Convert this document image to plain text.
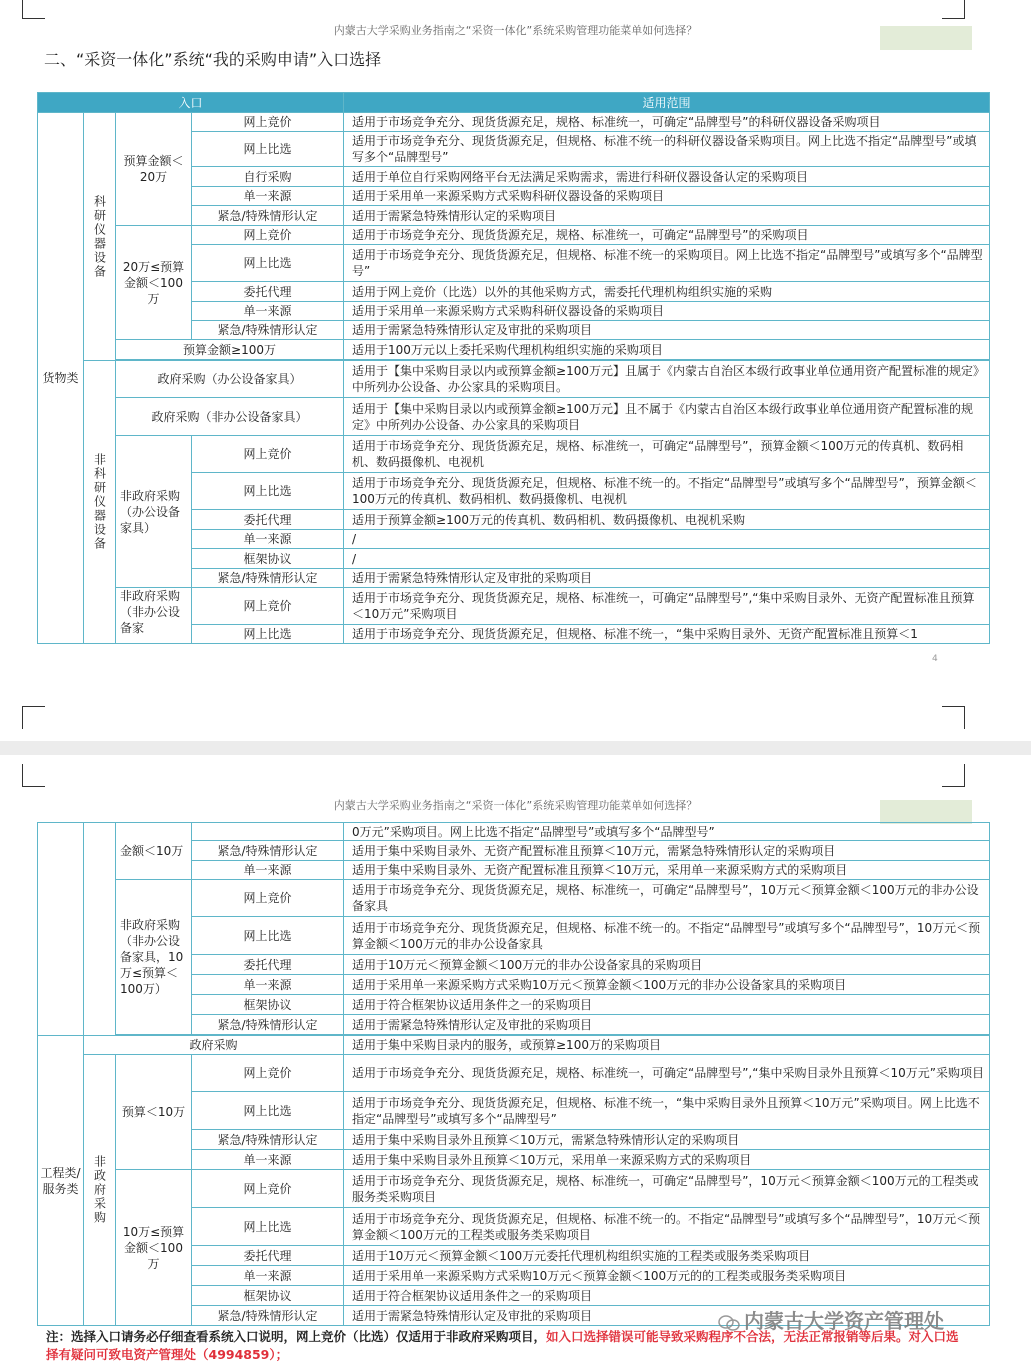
内蒙古大学采购业务指南之“采资一体化”系统采购管理功能菜单如何选择？
二、“采资一体化”系统“我的采购申请”入口选择
入口				适用范围
货物类	科研仪器设备	预算金额＜20万	网上竞价	适用于市场竞争充分、现货货源充足，规格、标准统一，可确定“品牌型号”的科研仪器设备采购项目
			网上比选	适用于市场竞争充分、现货货源充足，但规格、标准不统一的科研仪器设备采购项目。网上比选不指定“品牌型号”或填写多个“品牌型号”
			自行采购	适用于单位自行采购网络平台无法满足采购需求，需进行科研仪器设备认定的采购项目
			单一来源	适用于采用单一来源采购方式采购科研仪器设备的采购项目
			紧急/特殊情形认定	适用于需紧急特殊情形认定的采购项目
		20万≤预算金额＜100万	网上竞价	适用于市场竞争充分、现货货源充足，规格、标准统一，可确定“品牌型号”的采购项目
			网上比选	适用于市场竞争充分、现货货源充足，但规格、标准不统一的采购项目。网上比选不指定“品牌型号”或填写多个“品牌型号”
			委托代理	适用于网上竞价（比选）以外的其他采购方式，需委托代理机构组织实施的采购
			单一来源	适用于采用单一来源采购方式采购科研仪器设备的采购项目
			紧急/特殊情形认定	适用于需紧急特殊情形认定及审批的采购项目
		预算金额≥100万		适用于100万元以上委托采购代理机构组织实施的采购项目

	非科研仪器设备	政府采购（办公设备家具）		适用于【集中采购目录以内或预算金额≥100万元】且属于《内蒙古自治区本级行政事业单位通用资产配置标准的规定》中所列办公设备、办公家具的采购项目。
		政府采购（非办公设备家具）		适用于【集中采购目录以内或预算金额≥100万元】且不属于《内蒙古自治区本级行政事业单位通用资产配置标准的规定》中所列办公设备、办公家具的采购项目
		非政府采购（办公设备家具）	网上竞价	适用于市场竞争充分、现货货源充足，规格、标准统一，可确定“品牌型号”，预算金额＜100万元的传真机、数码相机、数码摄像机、电视机
			网上比选	适用于市场竞争充分、现货货源充足，但规格、标准不统一的。不指定“品牌型号”或填写多个“品牌型号”，预算金额＜100万元的传真机、数码相机、数码摄像机、电视机
			委托代理	适用于预算金额≥100万元的传真机、数码相机、数码摄像机、电视机采购
			单一来源	/
			框架协议	/
			紧急/特殊情形认定	适用于需紧急特殊情形认定及审批的采购项目
		非政府采购（非办公设备家	网上竞价	适用于市场竞争充分、现货货源充足，规格、标准统一，可确定“品牌型号”,“集中采购目录外、无资产配置标准且预算＜10万元”采购项目
			网上比选	适用于市场竞争充分、现货货源充足，但规格、标准不统一，“集中采购目录外、无资产配置标准且预算＜1
4
内蒙古大学采购业务指南之“采资一体化”系统采购管理功能菜单如何选择？
		金额＜10万		0万元”采购项目。网上比选不指定“品牌型号”或填写多个“品牌型号”
			紧急/特殊情形认定	适用于集中采购目录外、无资产配置标准且预算＜10万元，需紧急特殊情形认定的采购项目
			单一来源	适用于集中采购目录外、无资产配置标准且预算＜10万元，采用单一来源采购方式的采购项目
		非政府采购（非办公设备家具，10万≤预算＜100万）	网上竞价	适用于市场竞争充分、现货货源充足，规格、标准统一，可确定“品牌型号”，10万元＜预算金额＜100万元的非办公设备家具
			网上比选	适用于市场竞争充分、现货货源充足，但规格、标准不统一的。不指定“品牌型号”或填写多个“品牌型号”，10万元＜预算金额＜100万元的非办公设备家具
			委托代理	适用于10万元＜预算金额＜100万元的非办公设备家具的采购项目
			单一来源	适用于采用单一来源采购方式采购10万元＜预算金额＜100万元的非办公设备家具的采购项目
			框架协议	适用于符合框架协议适用条件之一的采购项目
			紧急/特殊情形认定	适用于需紧急特殊情形认定及审批的采购项目

工程类/服务类	政府采购			适用于集中采购目录内的服务，或预算≥100万的采购项目
	非政府采购	预算＜10万	网上竞价	适用于市场竞争充分、现货货源充足，规格、标准统一，可确定“品牌型号”,“集中采购目录外且预算＜10万元”采购项目
			网上比选	适用于市场竞争充分、现货货源充足，但规格、标准不统一，“集中采购目录外且预算＜10万元”采购项目。网上比选不指定“品牌型号”或填写多个“品牌型号”
			紧急/特殊情形认定	适用于集中采购目录外且预算＜10万元，需紧急特殊情形认定的采购项目
			单一来源	适用于集中采购目录外且预算＜10万元，采用单一来源采购方式的采购项目
		10万≤预算金额＜100万	网上竞价	适用于市场竞争充分、现货货源充足，规格、标准统一，可确定“品牌型号”，10万元＜预算金额＜100万元的工程类或服务类采购项目
			网上比选	适用于市场竞争充分、现货货源充足，但规格、标准不统一的。不指定“品牌型号”或填写多个“品牌型号”，10万元＜预算金额＜100万元的工程类或服务类采购项目
			委托代理	适用于10万元＜预算金额＜100万元委托代理机构组织实施的工程类或服务类采购项目
			单一来源	适用于采用单一来源采购方式采购10万元＜预算金额＜100万元的的工程类或服务类采购项目
			框架协议	适用于符合框架协议适用条件之一的采购项目
			紧急/特殊情形认定	适用于需紧急特殊情形认定及审批的采购项目	内蒙古大学资产管理处
注：选择入口请务必仔细查看系统入口说明，网上竞价（比选）仅适用于非政府采购项目，如入口选择错误可能导致采购程序不合法，无法正常报销等后果。对入口选择有疑问可致电资产管理处（4994859）；
